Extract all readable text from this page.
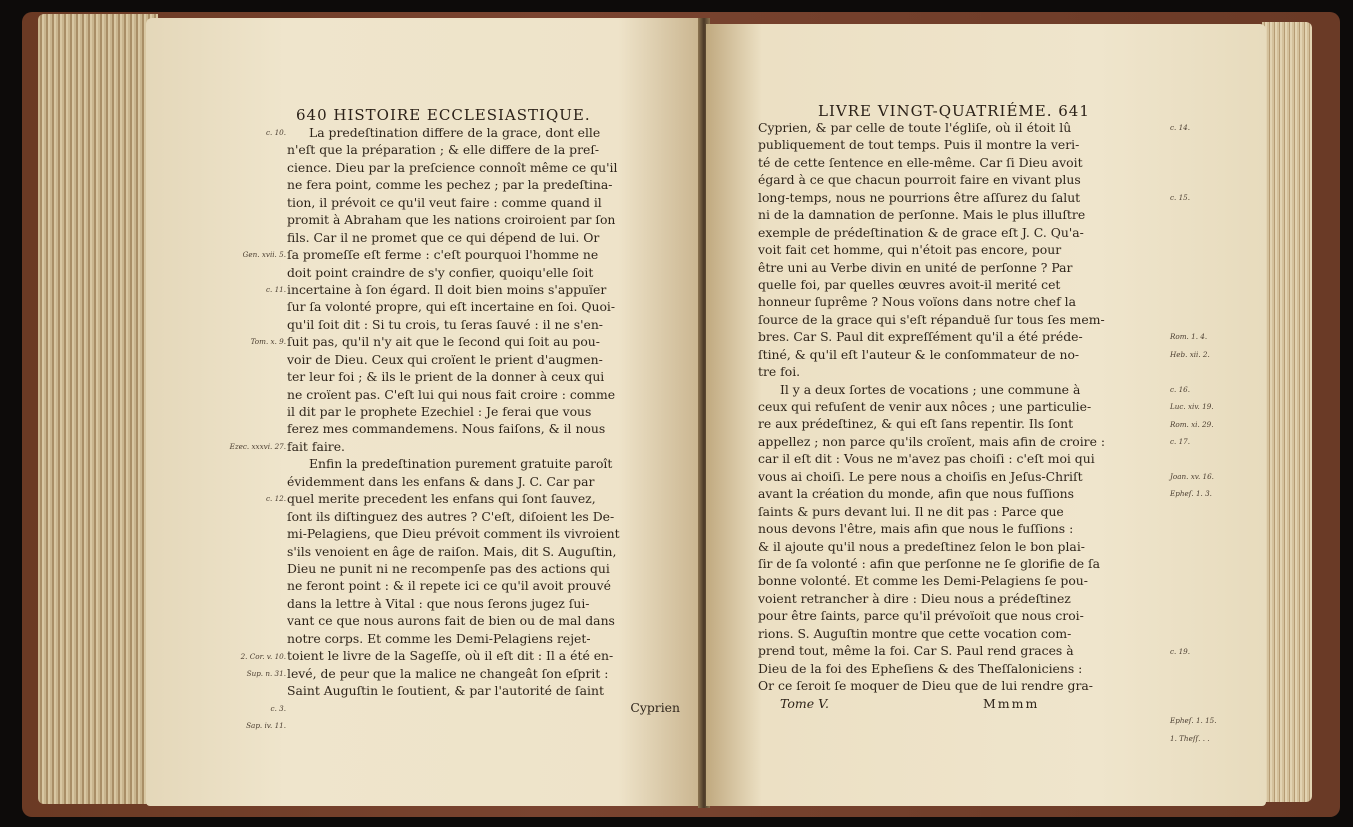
640 HISTOIRE ECCLESIASTIQUE.
La predeſtination differe de la grace, dont elle
n'eſt que la préparation ; & elle differe de la preſ-
cience. Dieu par la preſcience connoît même ce qu'il
ne fera point, comme les pechez ; par la predeſtina-
tion, il prévoit ce qu'il veut faire : comme quand il
promit à Abraham que les nations croiroient par ſon
fils. Car il ne promet que ce qui dépend de lui. Or
ſa promeſſe eſt ferme : c'eſt pourquoi l'homme ne
doit point craindre de s'y confier, quoiqu'elle ſoit
incertaine à ſon égard. Il doit bien moins s'appuïer
ſur ſa volonté propre, qui eſt incertaine en ſoi. Quoi-
qu'il ſoit dit : Si tu crois, tu ſeras ſauvé : il ne s'en-
ſuit pas, qu'il n'y ait que le ſecond qui ſoit au pou-
voir de Dieu. Ceux qui croïent le prient d'augmen-
ter leur foi ; & ils le prient de la donner à ceux qui
ne croïent pas. C'eſt lui qui nous fait croire : comme
il dit par le prophete Ezechiel : Je ferai que vous
ferez mes commandemens. Nous faiſons, & il nous
fait faire.
Enfin la predeſtination purement gratuite paroît
évidemment dans les enfans & dans J. C. Car par
quel merite precedent les enfans qui ſont ſauvez,
ſont ils diſtinguez des autres ? C'eſt, diſoient les De-
mi-Pelagiens, que Dieu prévoit comment ils vivroient
s'ils venoient en âge de raiſon. Mais, dit S. Auguſtin,
Dieu ne punit ni ne recompenſe pas des actions qui
ne feront point : & il repete ici ce qu'il avoit prouvé
dans la lettre à Vital : que nous ſerons jugez ſui-
vant ce que nous aurons fait de bien ou de mal dans
notre corps. Et comme les Demi-Pelagiens rejet-
toient le livre de la Sageſſe, où il eſt dit : Il a été en-
levé, de peur que la malice ne changeât ſon eſprit :
Saint Auguſtin le ſoutient, & par l'autorité de ſaint
Cyprien
c. 10.
Gen. xvii. 5.
c. 11.
Tom. x. 9.
Ezec. xxxvi. 27.
c. 12.
2. Cor. v. 10.
Sup. n. 31.
c. 3.
Sap. iv. 11.
LIVRE VINGT-QUATRIÉME. 641
Cyprien, & par celle de toute l'égliſe, où il étoit lû
publiquement de tout temps. Puis il montre la veri-
té de cette ſentence en elle-même. Car ſi Dieu avoit
égard à ce que chacun pourroit faire en vivant plus
long-temps, nous ne pourrions être aſſurez du ſalut
ni de la damnation de perſonne. Mais le plus illuſtre
exemple de prédeſtination & de grace eſt J. C. Qu'a-
voit fait cet homme, qui n'étoit pas encore, pour
être uni au Verbe divin en unité de perſonne ? Par
quelle foi, par quelles œuvres avoit-il merité cet
honneur ſuprême ? Nous voïons dans notre chef la
ſource de la grace qui s'eſt répanduë ſur tous ſes mem-
bres. Car S. Paul dit expreſſément qu'il a été préde-
ſtiné, & qu'il eſt l'auteur & le conſommateur de no-
tre foi.
Il y a deux ſortes de vocations ; une commune à
ceux qui refuſent de venir aux nôces ; une particulie-
re aux prédeſtinez, & qui eſt ſans repentir. Ils ſont
appellez ; non parce qu'ils croïent, mais afin de croire :
car il eſt dit : Vous ne m'avez pas choiſi : c'eſt moi qui
vous ai choiſi. Le pere nous a choiſis en Jeſus-Chriſt
avant la création du monde, afin que nous fuſſions
ſaints & purs devant lui. Il ne dit pas : Parce que
nous devons l'être, mais afin que nous le fuſſions :
& il ajoute qu'il nous a predeſtinez ſelon le bon plai-
ſir de ſa volonté : afin que perſonne ne ſe glorifie de ſa
bonne volonté. Et comme les Demi-Pelagiens ſe pou-
voient retrancher à dire : Dieu nous a prédeſtinez
pour être ſaints, parce qu'il prévoïoit que nous croi-
rions. S. Auguſtin montre que cette vocation com-
prend tout, même la foi. Car S. Paul rend graces à
Dieu de la foi des Epheſiens & des Theſſaloniciens :
Or ce ſeroit ſe moquer de Dieu que de lui rendre gra-
c. 14.
c. 15.
Rom. 1. 4.
Heb. xii. 2.
c. 16.
Luc. xiv. 19.
Rom. xi. 29.
c. 17.
Joan. xv. 16.
Epheſ. 1. 3.
c. 19.
Epheſ. 1. 15.
1. Theſſ. . .
Tome V.	Mmmm
